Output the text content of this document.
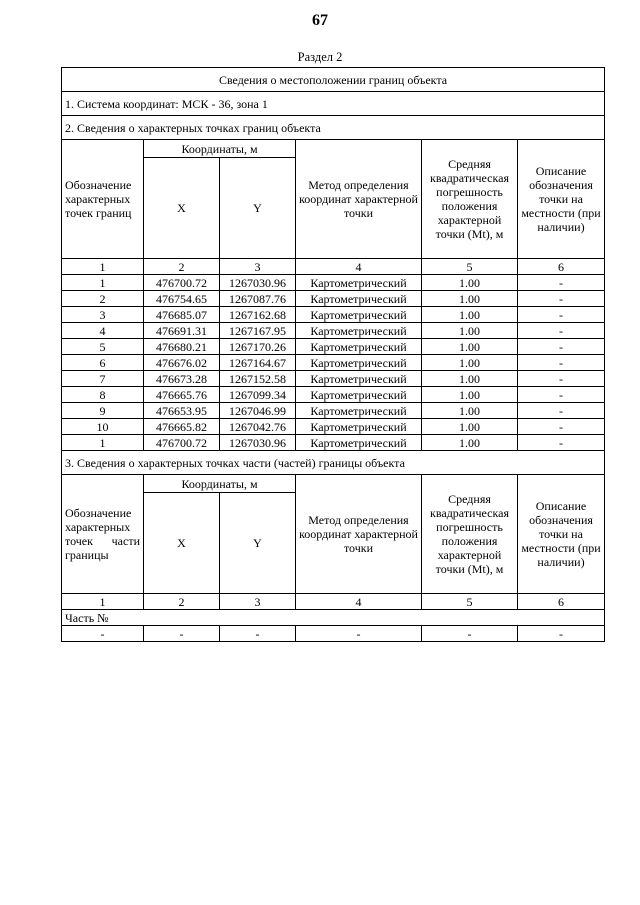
67
Раздел 2
Сведения о местоположении границ объекта					
1. Система координат: МСК - 36, зона 1					
2. Сведения о характерных точках границ объекта					
Обозначение характерных точек границ	Координаты, м		Метод определения координат характерной точки	Средняя квадратическая погрешность положения характерной точки (Mt), м	Описание обозначения точки на местности (при наличии)
	X	Y			
1	2	3	4	5	6
1	476700.72	1267030.96	Картометрический	1.00	-
2	476754.65	1267087.76	Картометрический	1.00	-
3	476685.07	1267162.68	Картометрический	1.00	-
4	476691.31	1267167.95	Картометрический	1.00	-
5	476680.21	1267170.26	Картометрический	1.00	-
6	476676.02	1267164.67	Картометрический	1.00	-
7	476673.28	1267152.58	Картометрический	1.00	-
8	476665.76	1267099.34	Картометрический	1.00	-
9	476653.95	1267046.99	Картометрический	1.00	-
10	476665.82	1267042.76	Картометрический	1.00	-
1	476700.72	1267030.96	Картометрический	1.00	-
3. Сведения о характерных точках части (частей) границы объекта					
Обозначение характерных точек части границы	Координаты, м		Метод определения координат характерной точки	Средняя квадратическая погрешность положения характерной точки (Mt), м	Описание обозначения точки на местности (при наличии)
	X	Y			
1	2	3	4	5	6
Часть №					
-	-	-	-	-	-
